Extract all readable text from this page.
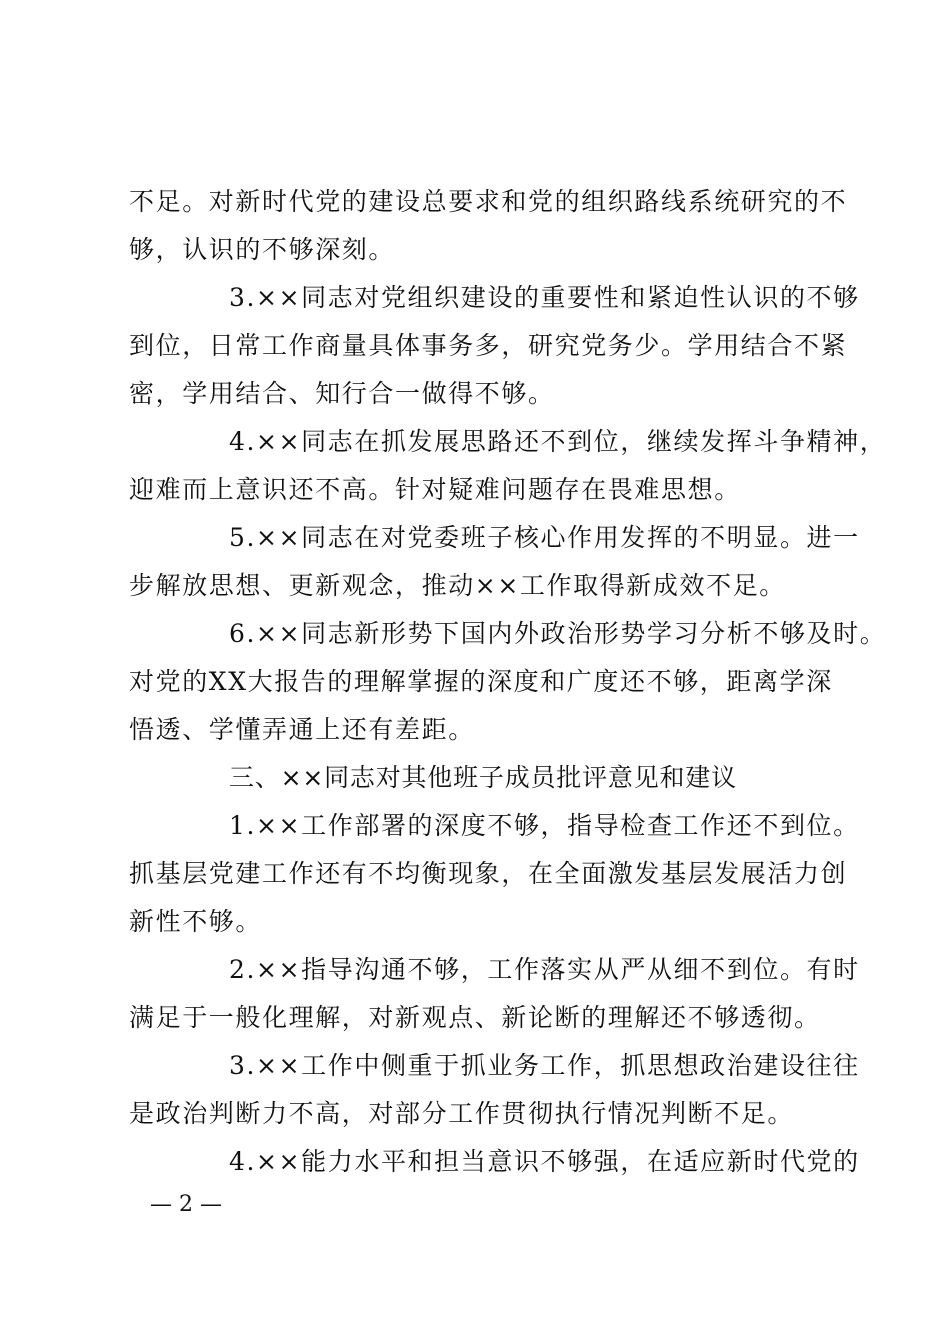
不足。对新时代党的建设总要求和党的组织路线系统研究的不
够，认识的不够深刻。
3.××同志对党组织建设的重要性和紧迫性认识的不够
到位，日常工作商量具体事务多，研究党务少。学用结合不紧
密，学用结合、知行合一做得不够。
4.××同志在抓发展思路还不到位，继续发挥斗争精神，
迎难而上意识还不高。针对疑难问题存在畏难思想。
5.××同志在对党委班子核心作用发挥的不明显。进一
步解放思想、更新观念，推动××工作取得新成效不足。
6.××同志新形势下国内外政治形势学习分析不够及时。
对党的XX大报告的理解掌握的深度和广度还不够，距离学深
悟透、学懂弄通上还有差距。
三、××同志对其他班子成员批评意见和建议
1.××工作部署的深度不够，指导检查工作还不到位。
抓基层党建工作还有不均衡现象，在全面激发基层发展活力创
新性不够。
2.××指导沟通不够，工作落实从严从细不到位。有时
满足于一般化理解，对新观点、新论断的理解还不够透彻。
3.××工作中侧重于抓业务工作，抓思想政治建设往往
是政治判断力不高，对部分工作贯彻执行情况判断不足。
4.××能力水平和担当意识不够强，在适应新时代党的
— 2 —
